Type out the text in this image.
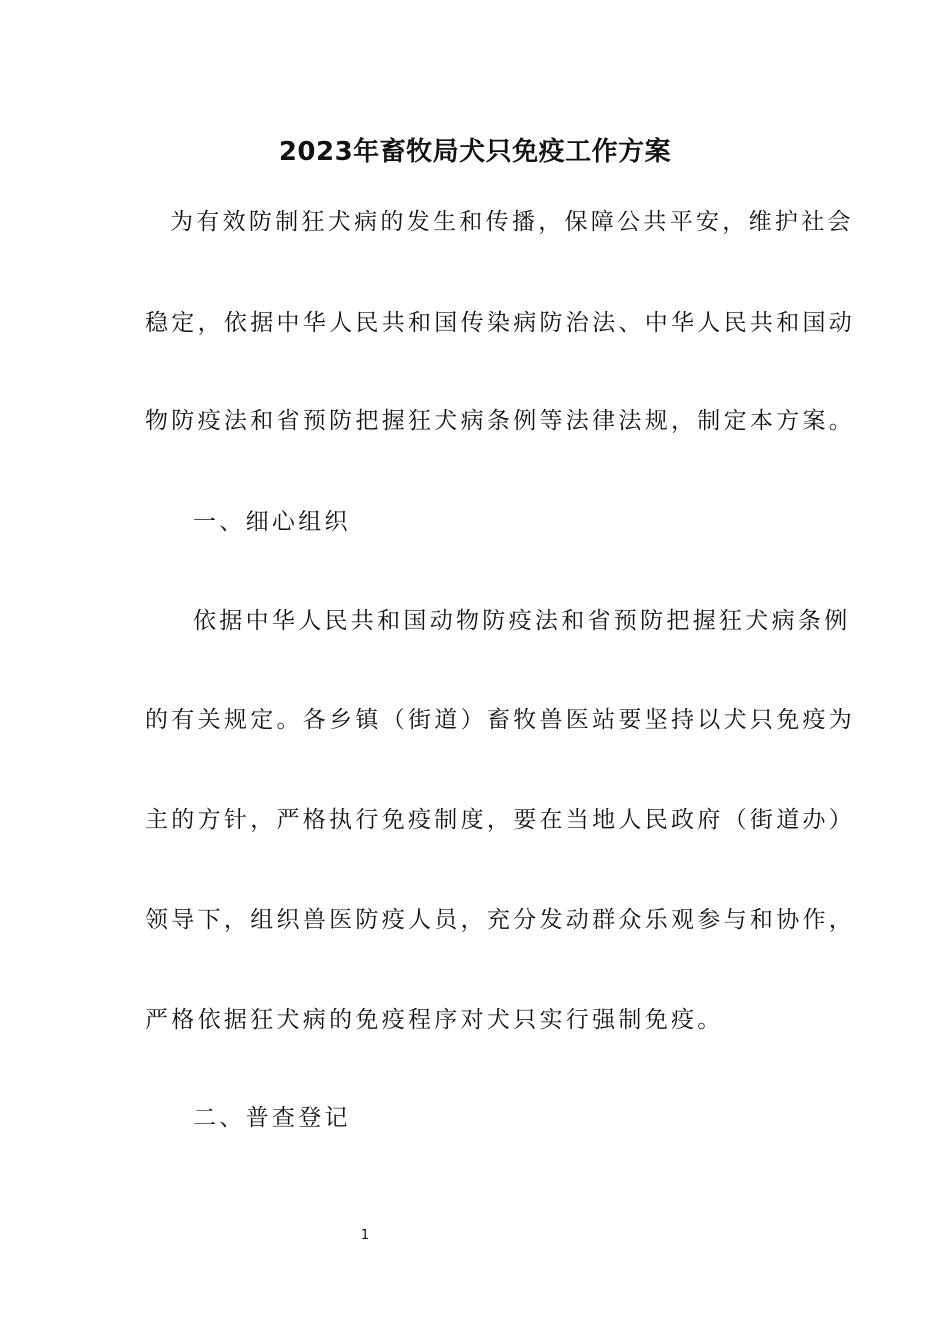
2023年畜牧局犬只免疫工作方案
为有效防制狂犬病的发生和传播，保障公共平安，维护社会
稳定，依据中华人民共和国传染病防治法、中华人民共和国动
物防疫法和省预防把握狂犬病条例等法律法规，制定本方案。
一、细心组织
依据中华人民共和国动物防疫法和省预防把握狂犬病条例
的有关规定。各乡镇（街道）畜牧兽医站要坚持以犬只免疫为
主的方针，严格执行免疫制度，要在当地人民政府（街道办）
领导下，组织兽医防疫人员，充分发动群众乐观参与和协作，
严格依据狂犬病的免疫程序对犬只实行强制免疫。
二、普查登记
1
